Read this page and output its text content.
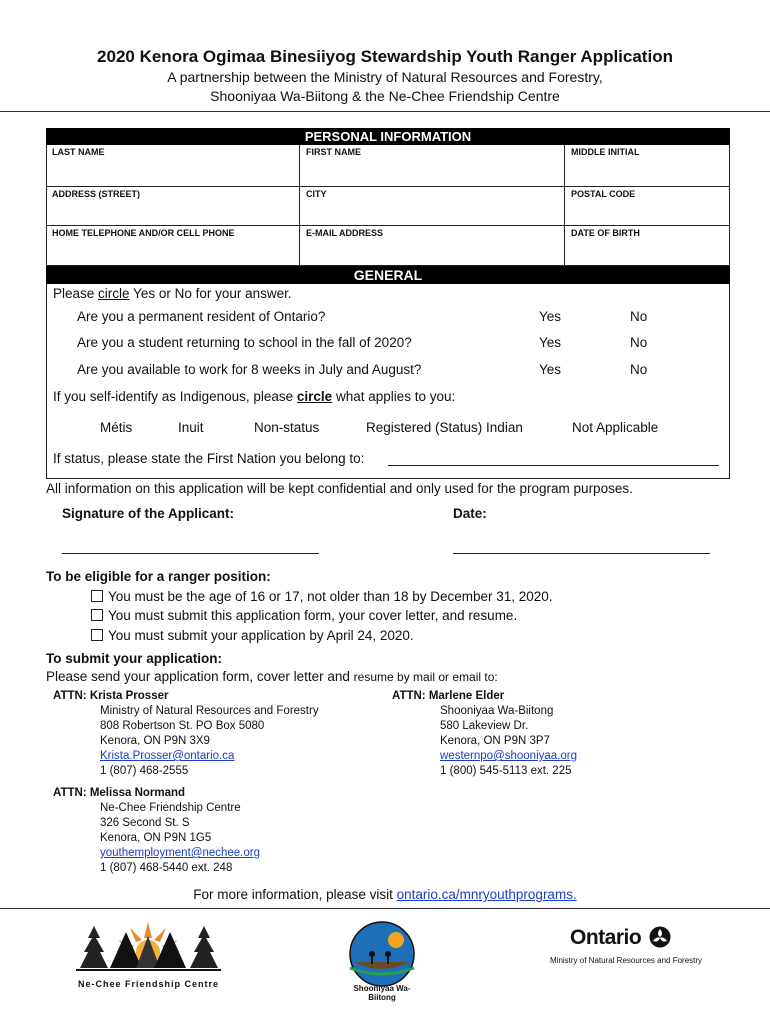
2020 Kenora Ogimaa Binesiiyog Stewardship Youth Ranger Application
A partnership between the Ministry of Natural Resources and Forestry,
Shooniyaa Wa-Biitong & the Ne-Chee Friendship Centre
PERSONAL INFORMATION
LAST NAME	FIRST NAME	MIDDLE INITIAL
ADDRESS (STREET)	CITY	POSTAL CODE
HOME TELEPHONE AND/OR CELL PHONE	E-MAIL ADDRESS	DATE OF BIRTH
GENERAL
Please circle Yes or No for your answer.
Are you a permanent resident of Ontario?	Yes	No
Are you a student returning to school in the fall of 2020?	Yes	No
Are you available to work for 8 weeks in July and August?	Yes	No
If you self-identify as Indigenous, please circle what applies to you:
Métis	Inuit	Non-status	Registered (Status) Indian	Not Applicable
If status, please state the First Nation you belong to:
All information on this application will be kept confidential and only used for the program purposes.
Signature of the Applicant:	Date:
To be eligible for a ranger position:
You must be the age of 16 or 17, not older than 18 by December 31, 2020.
You must submit this application form, your cover letter, and resume.
You must submit your application by April 24, 2020.
To submit your application:
Please send your application form, cover letter and resume by mail or email to:
ATTN: Krista Prosser
Ministry of Natural Resources and Forestry
808 Robertson St. PO Box 5080
Kenora, ON P9N 3X9
Krista.Prosser@ontario.ca
1 (807) 468-2555
ATTN: Marlene Elder
Shooniyaa Wa-Biitong
580 Lakeview Dr.
Kenora, ON P9N 3P7
westernpo@shooniyaa.org
1 (800) 545-5113 ext. 225
ATTN: Melissa Normand
Ne-Chee Friendship Centre
326 Second St. S
Kenora, ON P9N 1G5
youthemployment@nechee.org
1 (807) 468-5440 ext. 248
For more information, please visit ontario.ca/mnryouthprograms.
Ne-Chee Friendship Centre	Shooniyaa Wa-Biitong
Ontario
Ministry of Natural Resources and Forestry
